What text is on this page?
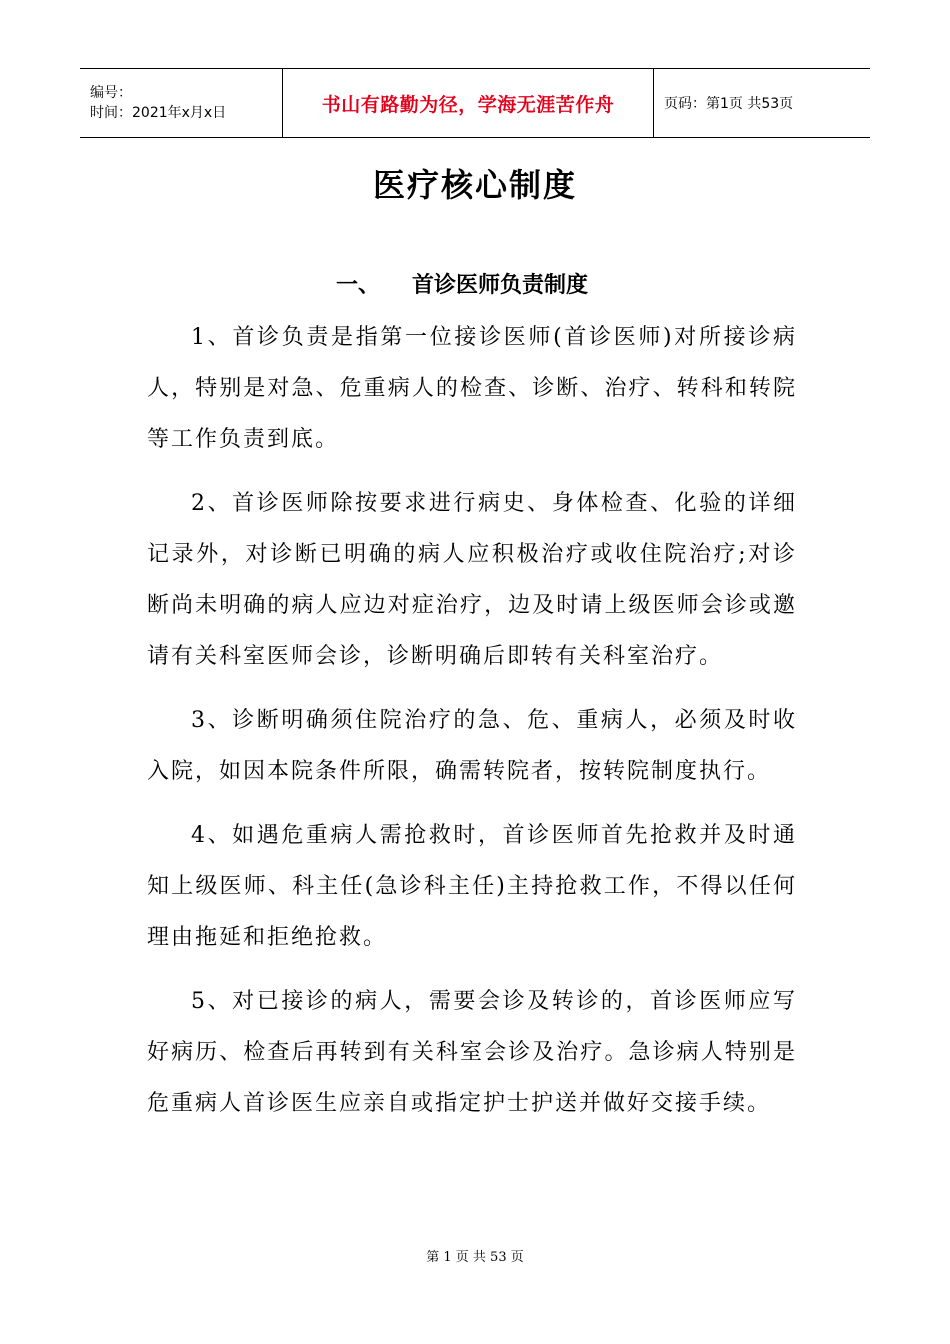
编号：
时间：2021年x月x日	书山有路勤为径，学海无涯苦作舟	页码：第1页 共53页
医疗核心制度
一、	首诊医师负责制度

1、首诊负责是指第一位接诊医师(首诊医师)对所接诊病人，特别是对急、危重病人的检查、诊断、治疗、转科和转院等工作负责到底。

2、首诊医师除按要求进行病史、身体检查、化验的详细记录外，对诊断已明确的病人应积极治疗或收住院治疗;对诊断尚未明确的病人应边对症治疗，边及时请上级医师会诊或邀请有关科室医师会诊，诊断明确后即转有关科室治疗。

3、诊断明确须住院治疗的急、危、重病人，必须及时收入院，如因本院条件所限，确需转院者，按转院制度执行。

4、如遇危重病人需抢救时，首诊医师首先抢救并及时通知上级医师、科主任(急诊科主任)主持抢救工作，不得以任何理由拖延和拒绝抢救。

5、对已接诊的病人，需要会诊及转诊的，首诊医师应写好病历、检查后再转到有关科室会诊及治疗。急诊病人特别是危重病人首诊医生应亲自或指定护士护送并做好交接手续。

第 1 页 共 53 页
